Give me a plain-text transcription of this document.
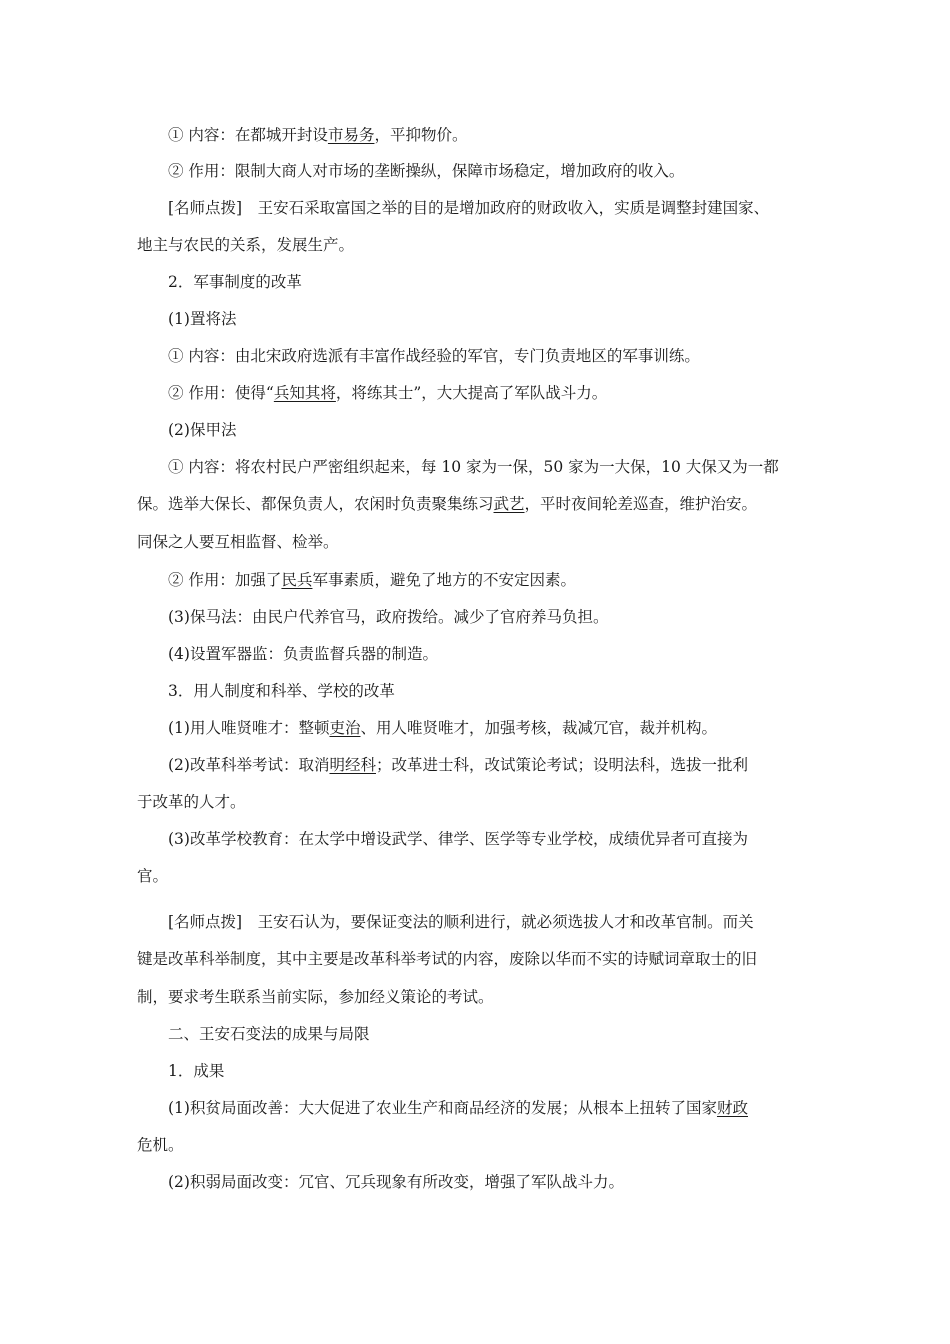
① 内容：在都城开封设市易务，平抑物价。
② 作用：限制大商人对市场的垄断操纵，保障市场稳定，增加政府的收入。
[名师点拨]　王安石采取富国之举的目的是增加政府的财政收入，实质是调整封建国家、
地主与农民的关系，发展生产。
2．军事制度的改革
(1)置将法
① 内容：由北宋政府选派有丰富作战经验的军官，专门负责地区的军事训练。
② 作用：使得“兵知其将，将练其士”，大大提高了军队战斗力。
(2)保甲法
① 内容：将农村民户严密组织起来，每 10 家为一保，50 家为一大保，10 大保又为一都
保。选举大保长、都保负责人，农闲时负责聚集练习武艺，平时夜间轮差巡查，维护治安。
同保之人要互相监督、检举。
② 作用：加强了民兵军事素质，避免了地方的不安定因素。
(3)保马法：由民户代养官马，政府拨给。减少了官府养马负担。
(4)设置军器监：负责监督兵器的制造。
3．用人制度和科举、学校的改革
(1)用人唯贤唯才：整顿吏治、用人唯贤唯才，加强考核，裁减冗官，裁并机构。
(2)改革科举考试：取消明经科；改革进士科，改试策论考试；设明法科，选拔一批利
于改革的人才。
(3)改革学校教育：在太学中增设武学、律学、医学等专业学校，成绩优异者可直接为
官。
[名师点拨]　王安石认为，要保证变法的顺利进行，就必须选拔人才和改革官制。而关
键是改革科举制度，其中主要是改革科举考试的内容，废除以华而不实的诗赋词章取士的旧
制，要求考生联系当前实际，参加经义策论的考试。
二、王安石变法的成果与局限
1．成果
(1)积贫局面改善：大大促进了农业生产和商品经济的发展；从根本上扭转了国家财政
危机。
(2)积弱局面改变：冗官、冗兵现象有所改变，增强了军队战斗力。
